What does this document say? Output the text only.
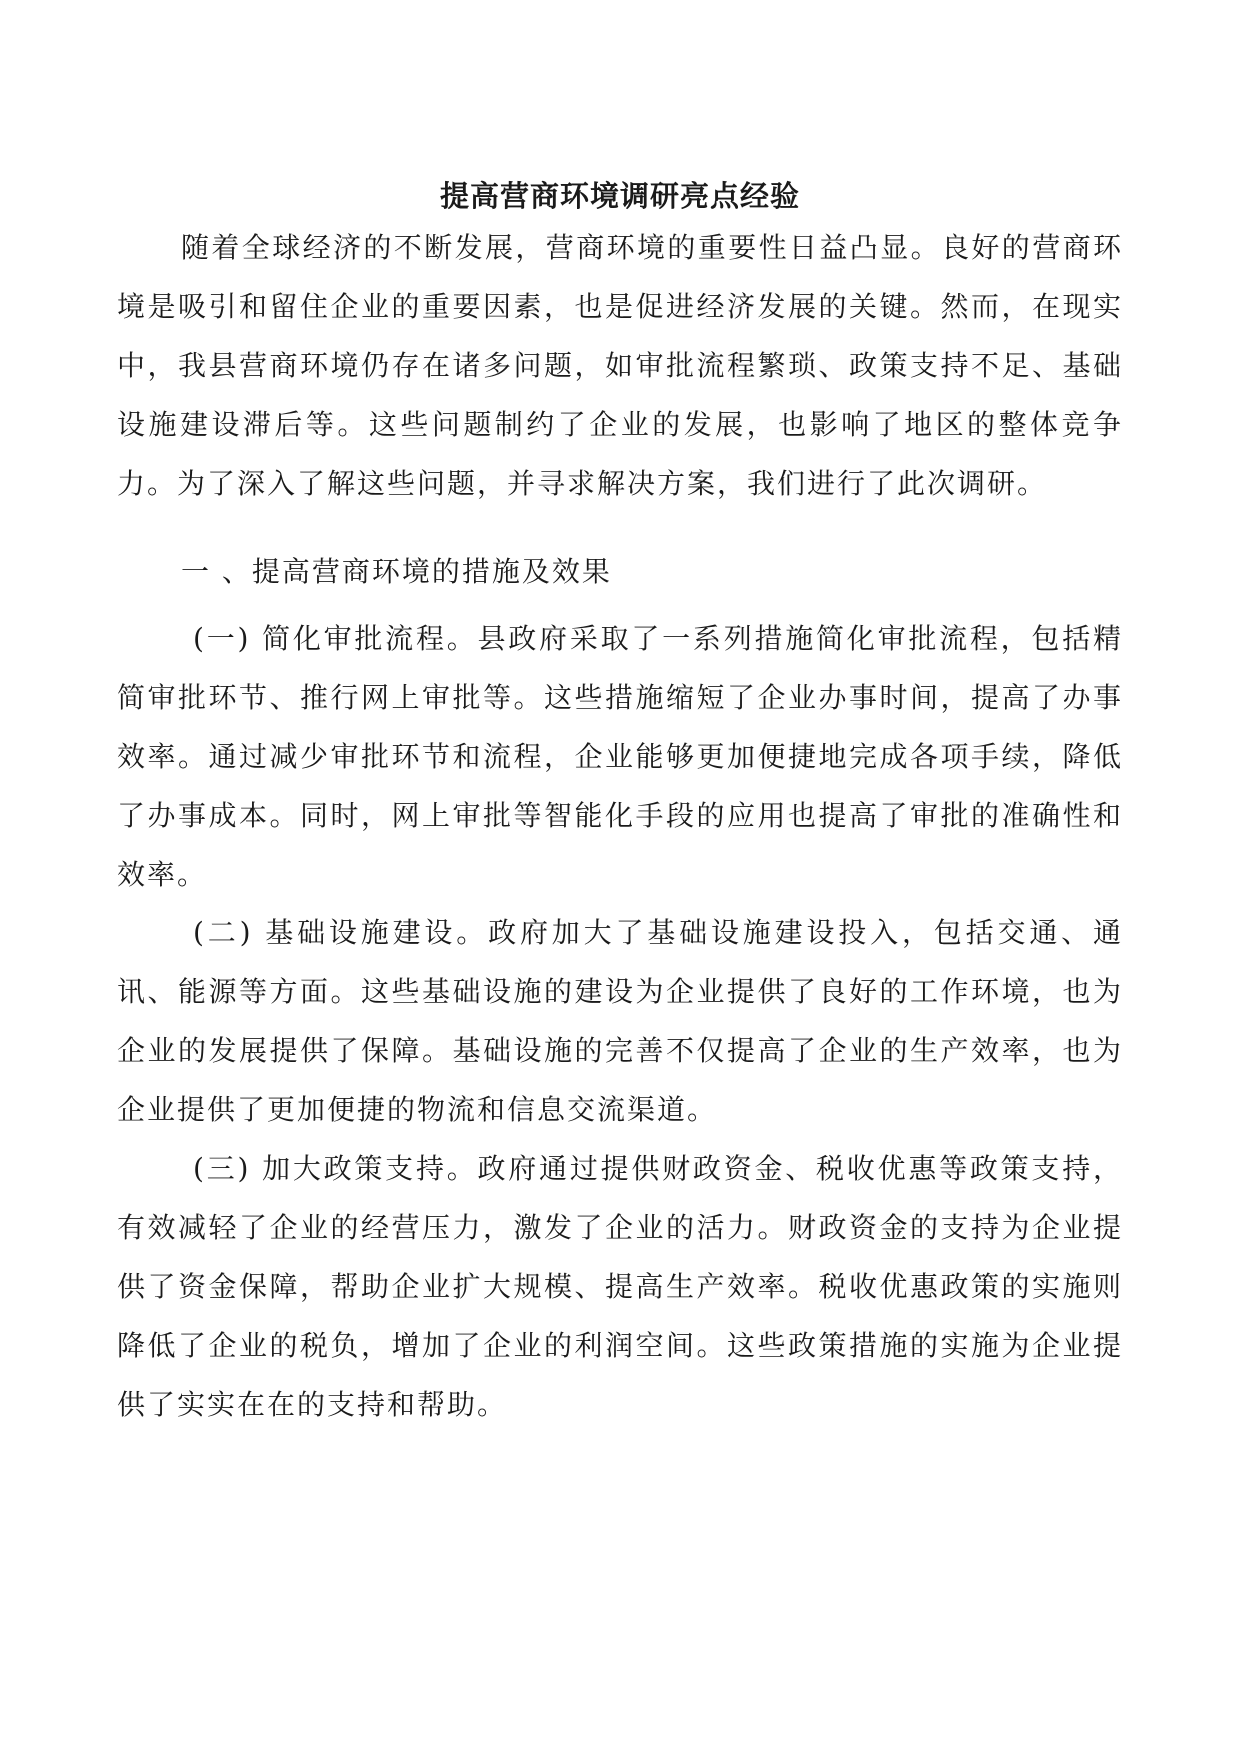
提高营商环境调研亮点经验

随着全球经济的不断发展，营商环境的重要性日益凸显。良好的营商环境是吸引和留住企业的重要因素，也是促进经济发展的关键。然而，在现实中，我县营商环境仍存在诸多问题，如审批流程繁琐、政策支持不足、基础设施建设滞后等。这些问题制约了企业的发展，也影响了地区的整体竞争力。为了深入了解这些问题，并寻求解决方案，我们进行了此次调研。

一 、提高营商环境的措施及效果

(一) 简化审批流程。县政府采取了一系列措施简化审批流程，包括精简审批环节、推行网上审批等。这些措施缩短了企业办事时间，提高了办事效率。通过减少审批环节和流程，企业能够更加便捷地完成各项手续，降低了办事成本。同时，网上审批等智能化手段的应用也提高了审批的准确性和效率。

(二) 基础设施建设。政府加大了基础设施建设投入，包括交通、通讯、能源等方面。这些基础设施的建设为企业提供了良好的工作环境，也为企业的发展提供了保障。基础设施的完善不仅提高了企业的生产效率，也为企业提供了更加便捷的物流和信息交流渠道。

(三) 加大政策支持。政府通过提供财政资金、税收优惠等政策支持，有效减轻了企业的经营压力，激发了企业的活力。财政资金的支持为企业提供了资金保障，帮助企业扩大规模、提高生产效率。税收优惠政策的实施则降低了企业的税负，增加了企业的利润空间。这些政策措施的实施为企业提供了实实在在的支持和帮助。
